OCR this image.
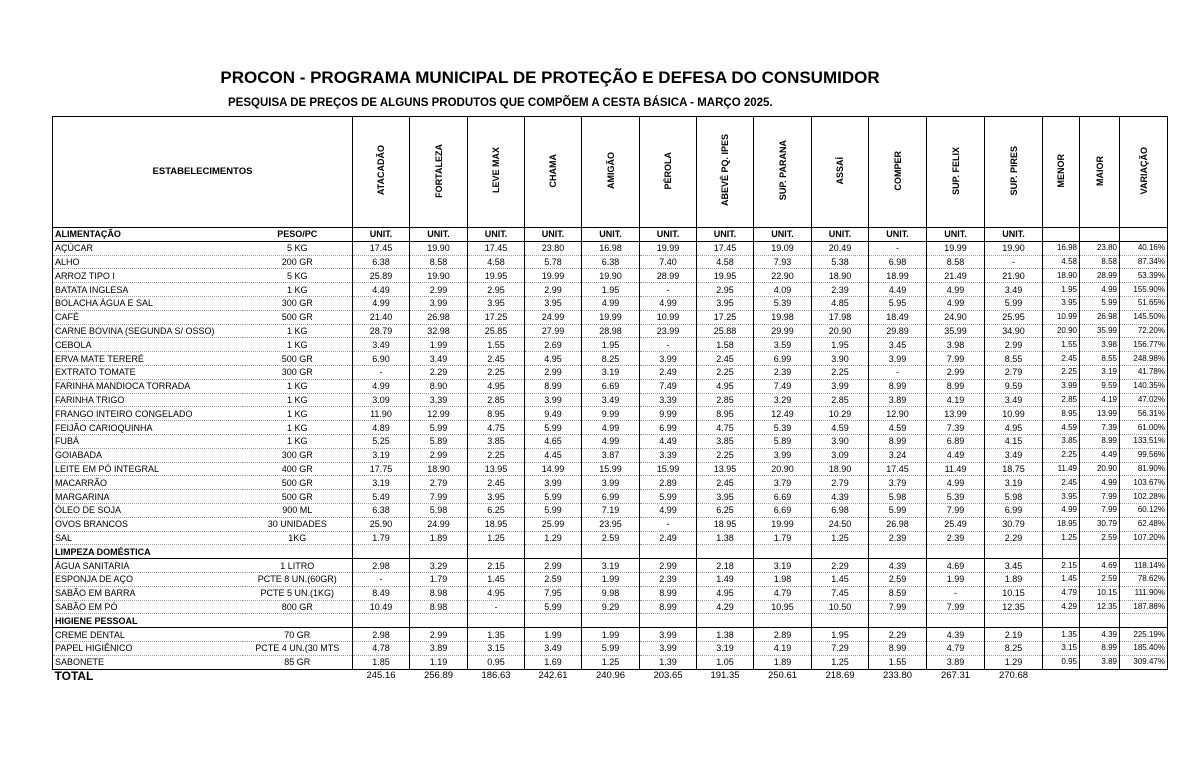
PROCON - PROGRAMA MUNICIPAL DE PROTEÇÃO E DEFESA DO CONSUMIDOR
PESQUISA DE PREÇOS DE ALGUNS PRODUTOS QUE COMPÕEM A CESTA BÁSICA - MARÇO 2025.
ESTABELECIMENTOS		ATACADÃO	FORTALEZA	LEVE MAX	CHAMA	AMIGÃO	PÉROLA	ABEVÊ PQ. IPES	SUP. PARANA	ASSAÍ	COMPER	SUP. FELIX	SUP. PIRES	MENOR	MAIOR	VARIAÇÃO
ALIMENTAÇÃO	PESO/PC	UNIT.	UNIT.	UNIT.	UNIT.	UNIT.	UNIT.	UNIT.	UNIT.	UNIT.	UNIT.	UNIT.	UNIT.			
AÇÚCAR	5 KG	17.45	19.90	17.45	23.80	16.98	19.99	17.45	19.09	20.49	-	19.99	19.90	16.98	23.80	40.16%
ALHO	200 GR	6.38	8.58	4.58	5.78	6.38	7.40	4.58	7.93	5.38	6.98	8.58	-	4.58	8.58	87.34%
ARROZ TIPO I	5 KG	25.89	19.90	19.95	19.99	19.90	28.99	19.95	22.90	18.90	18.99	21.49	21.90	18.90	28.99	53.39%
BATATA INGLESA	1 KG	4.49	2.99	2.95	2.99	1.95	-	2.95	4.09	2.39	4.49	4.99	3.49	1.95	4.99	155.90%
BOLACHA ÁGUA E SAL	300 GR	4.99	3.99	3.95	3.95	4.99	4.99	3.95	5.39	4.85	5.95	4.99	5.99	3.95	5.99	51.65%
CAFÉ	500 GR	21.40	26.98	17.25	24.99	19.99	10.99	17.25	19.98	17.98	18.49	24.90	25.95	10.99	26.98	145.50%
CARNE BOVINA (SEGUNDA S/ OSSO)	1 KG	28.79	32.98	25.85	27.99	28.98	23.99	25.88	29.99	20.90	29.89	35.99	34.90	20.90	35.99	72.20%
CEBOLA	1 KG	3.49	1.99	1.55	2.69	1.95	-	1.58	3.59	1.95	3.45	3.98	2.99	1.55	3.98	156.77%
ERVA MATE TERERÉ	500 GR	6.90	3.49	2.45	4.95	8.25	3.99	2.45	6.99	3.90	3.99	7.99	8.55	2.45	8.55	248.98%
EXTRATO TOMATE	300 GR	-	2.29	2.25	2.99	3.19	2.49	2.25	2.39	2.25	-	2.99	2.79	2.25	3.19	41.78%
FARINHA MANDIOCA TORRADA	1 KG	4.99	8.90	4.95	8.99	6.69	7.49	4.95	7.49	3.99	8.99	8.99	9.59	3.99	9.59	140.35%
FARINHA TRIGO	1 KG	3.09	3.39	2.85	3.99	3.49	3.39	2.85	3.29	2.85	3.89	4.19	3.49	2.85	4.19	47.02%
FRANGO INTEIRO CONGELADO	1 KG	11.90	12.99	8.95	9.49	9.99	9.99	8.95	12.49	10.29	12.90	13.99	10.99	8.95	13.99	56.31%
FEIJÃO CARIOQUINHA	1 KG	4.89	5.99	4.75	5.99	4.99	6.99	4.75	5.39	4.59	4.59	7.39	4.95	4.59	7.39	61.00%
FUBÁ	1 KG	5.25	5.89	3.85	4.65	4.99	4.49	3.85	5.89	3.90	8.99	6.89	4.15	3.85	8.99	133.51%
GOIABADA	300 GR	3.19	2.99	2.25	4.45	3.87	3.39	2.25	3.99	3.09	3.24	4.49	3.49	2.25	4.49	99.56%
LEITE EM PÓ INTEGRAL	400 GR	17.75	18.90	13.95	14.99	15.99	15.99	13.95	20.90	18.90	17.45	11.49	18.75	11.49	20.90	81.90%
MACARRÃO	500 GR	3.19	2.79	2.45	3.99	3.99	2.89	2.45	3.79	2.79	3.79	4.99	3.19	2.45	4.99	103.67%
MARGARINA	500 GR	5.49	7.99	3.95	5.99	6.99	5.99	3.95	6.69	4.39	5.98	5.39	5.98	3.95	7.99	102.28%
ÓLEO DE SOJA	900 ML	6.38	5.98	6.25	5.99	7.19	4.99	6.25	6.69	6.98	5.99	7.99	6.99	4.99	7.99	60.12%
OVOS BRANCOS	30 UNIDADES	25.90	24.99	18.95	25.99	23.95	-	18.95	19.99	24.50	26.98	25.49	30.79	18.95	30.79	62.48%
SAL	1KG	1.79	1.89	1.25	1.29	2.59	2.49	1.38	1.79	1.25	2.39	2.39	2.29	1.25	2.59	107.20%
LIMPEZA DOMÉSTICA																
ÁGUA SANITARIA	1 LITRO	2.98	3.29	2.15	2.99	3.19	2.99	2.18	3.19	2.29	4.39	4.69	3.45	2.15	4.69	118.14%
ESPONJA DE AÇO	PCTE 8 UN.(60GR)	-	1.79	1.45	2.59	1.99	2.39	1.49	1.98	1.45	2.59	1.99	1.89	1.45	2.59	78.62%
SABÃO EM BARRA	PCTE 5 UN.(1KG)	8.49	8.98	4.95	7.95	9.98	8.99	4.95	4.79	7.45	8.59	-	10.15	4.79	10.15	111.90%
SABÃO EM PÓ	800 GR	10.49	8.98	-	5.99	9.29	8.99	4.29	10.95	10.50	7.99	7.99	12.35	4.29	12.35	187.88%
HIGIENE PESSOAL																
CREME DENTAL	70 GR	2.98	2.99	1.35	1.99	1.99	3.99	1.38	2.89	1.95	2.29	4.39	2.19	1.35	4.39	225.19%
PAPEL HIGIÊNICO	PCTE 4 UN.(30 MTS	4.78	3.89	3.15	3.49	5.99	3.99	3.19	4.19	7.29	8.99	4.79	8.25	3.15	8.99	185.40%
SABONETE	85 GR	1.85	1.19	0.95	1.69	1.25	1.39	1.05	1.89	1.25	1.55	3.89	1.29	0.95	3.89	309.47%
TOTAL		245.16	256.89	186.63	242.61	240.96	203.65	191.35	250.61	218.69	233.80	267.31	270.68			
